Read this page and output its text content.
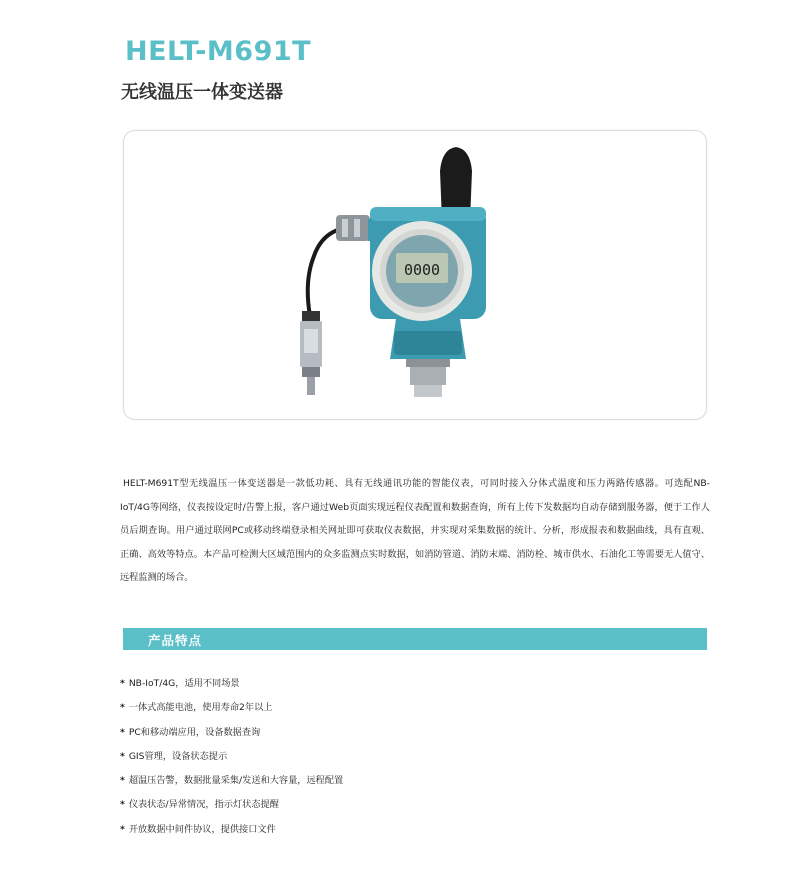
HELT-M691T
无线温压一体变送器
0000

HELT-M691T型无线温压一体变送器是一款低功耗、具有无线通讯功能的智能仪表，可同时接入分体式温度和压力两路传感器。可选配NB-IoT/4G等网络，仪表按设定时/告警上报，客户通过Web页面实现远程仪表配置和数据查询，所有上传下发数据均自动存储到服务器，便于工作人员后期查询。用户通过联网PC或移动终端登录相关网址即可获取仪表数据，并实现对采集数据的统计、分析，形成报表和数据曲线，具有直观、正确、高效等特点。本产品可检测大区域范围内的众多监测点实时数据，如消防管道、消防末端、消防栓、城市供水、石油化工等需要无人值守、远程监测的场合。

产品特点
* NB-IoT/4G，适用不同场景
* 一体式高能电池，使用寿命2年以上
* PC和移动端应用，设备数据查询
* GIS管理，设备状态提示
* 超温压告警，数据批量采集/发送和大容量，远程配置
* 仪表状态/异常情况，指示灯状态提醒
* 开放数据中间件协议，提供接口文件
